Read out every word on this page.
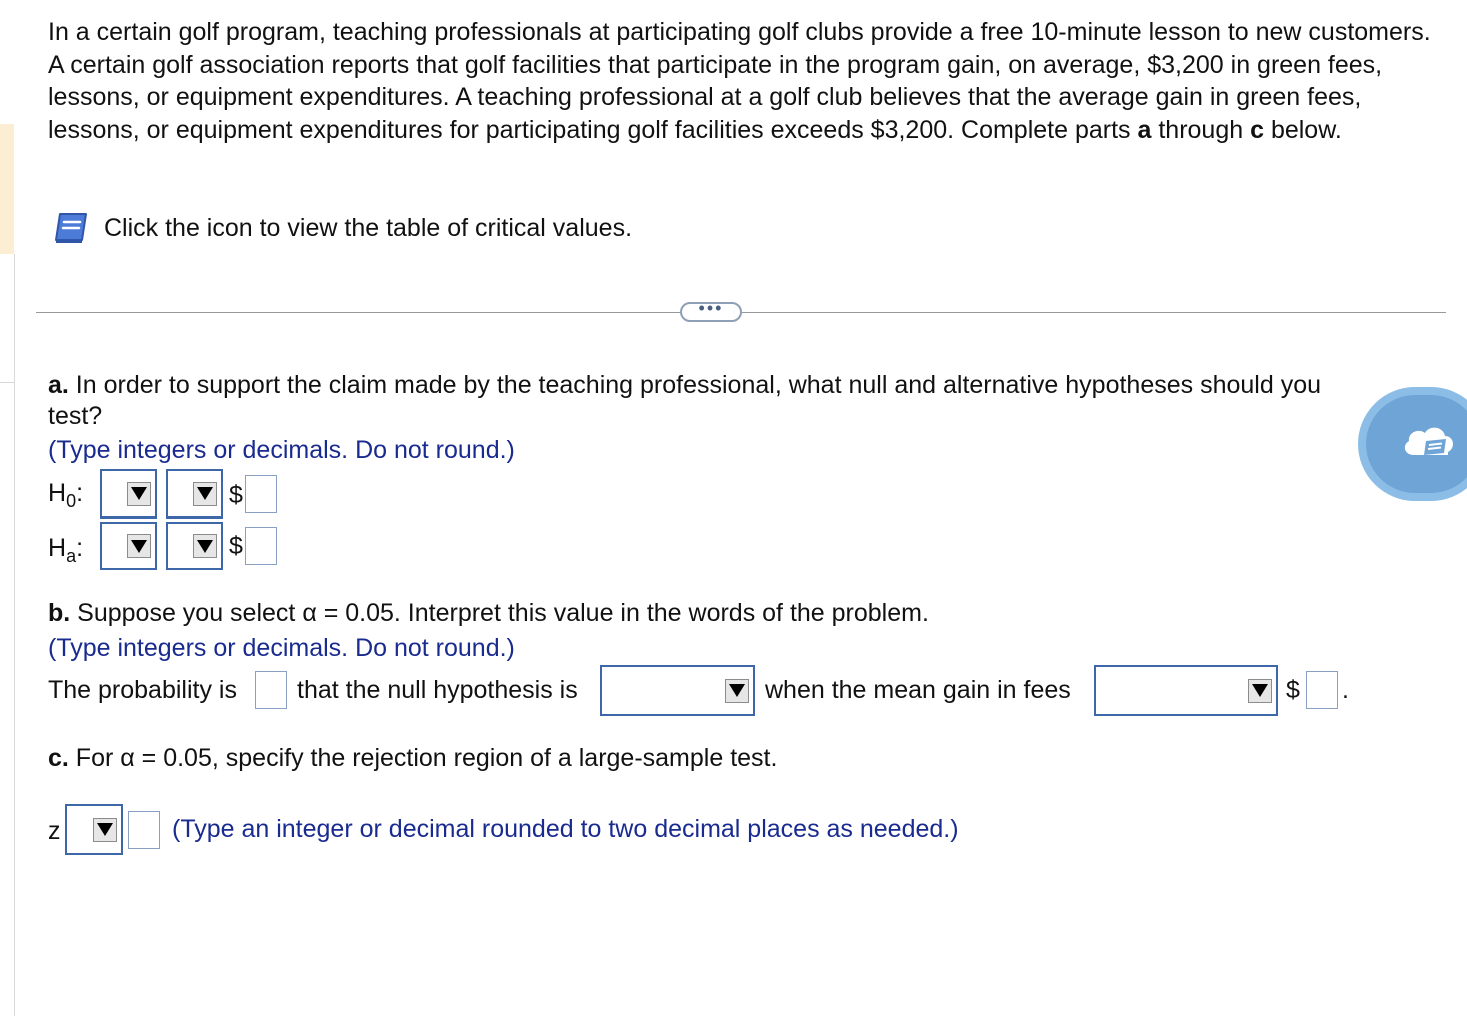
In a certain golf program, teaching professionals at participating golf clubs provide a free 10-minute lesson to new customers. A certain golf association reports that golf facilities that participate in the program gain, on average, $3,200 in green fees, lessons, or equipment expenditures. A teaching professional at a golf club believes that the average gain in green fees, lessons, or equipment expenditures for participating golf facilities exceeds $3,200. Complete parts a through c below.

Click the icon to view the table of critical values.
•••

a. In order to support the claim made by the teaching professional, what null and alternative hypotheses should you test?

(Type integers or decimals. Do not round.)

$H_0$:	$
$H_a$:	$

b. Suppose you select α = 0.05. Interpret this value in the words of the problem.

(Type integers or decimals. Do not round.)

The probability is that the null hypothesis is	when the mean gain in fees	$ .

c. For α = 0.05, specify the rejection region of a large-sample test.

z	(Type an integer or decimal rounded to two decimal places as needed.)
